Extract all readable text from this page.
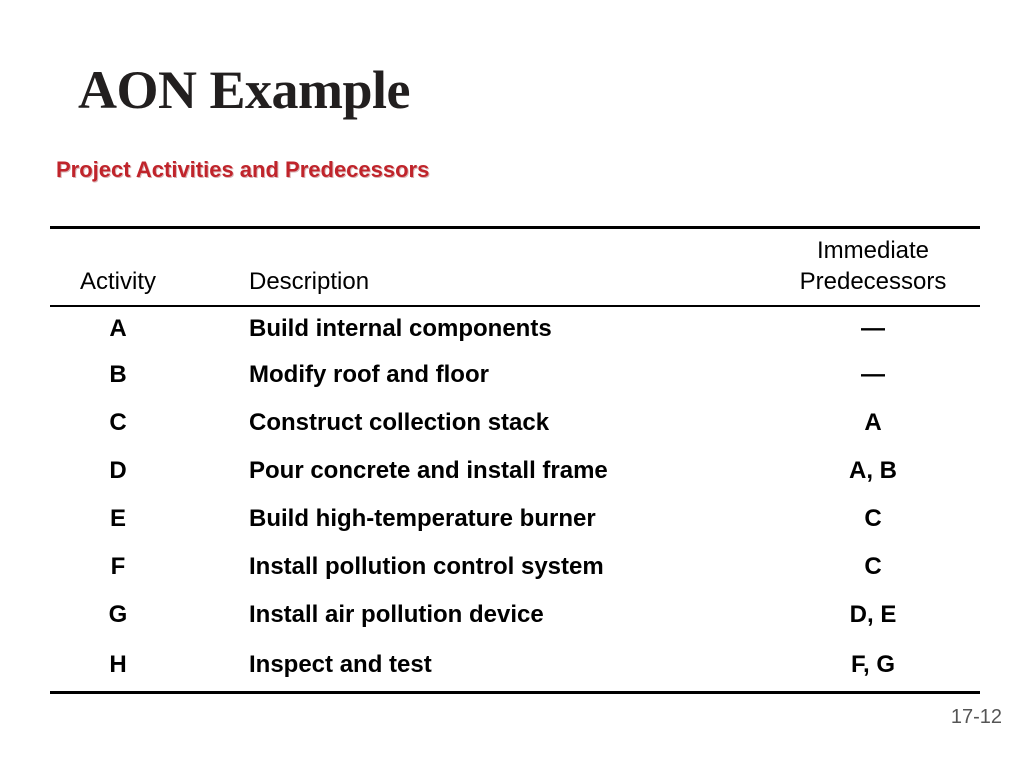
AON Example
Project Activities and Predecessors
Activity	Description	Immediate
Predecessors

A	Build internal components	—
B	Modify roof and floor	—
C	Construct collection stack	A
D	Pour concrete and install frame	A, B
E	Build high-temperature burner	C
F	Install pollution control system	C
G	Install air pollution device	D, E
H	Inspect and test	F, G
17-12
